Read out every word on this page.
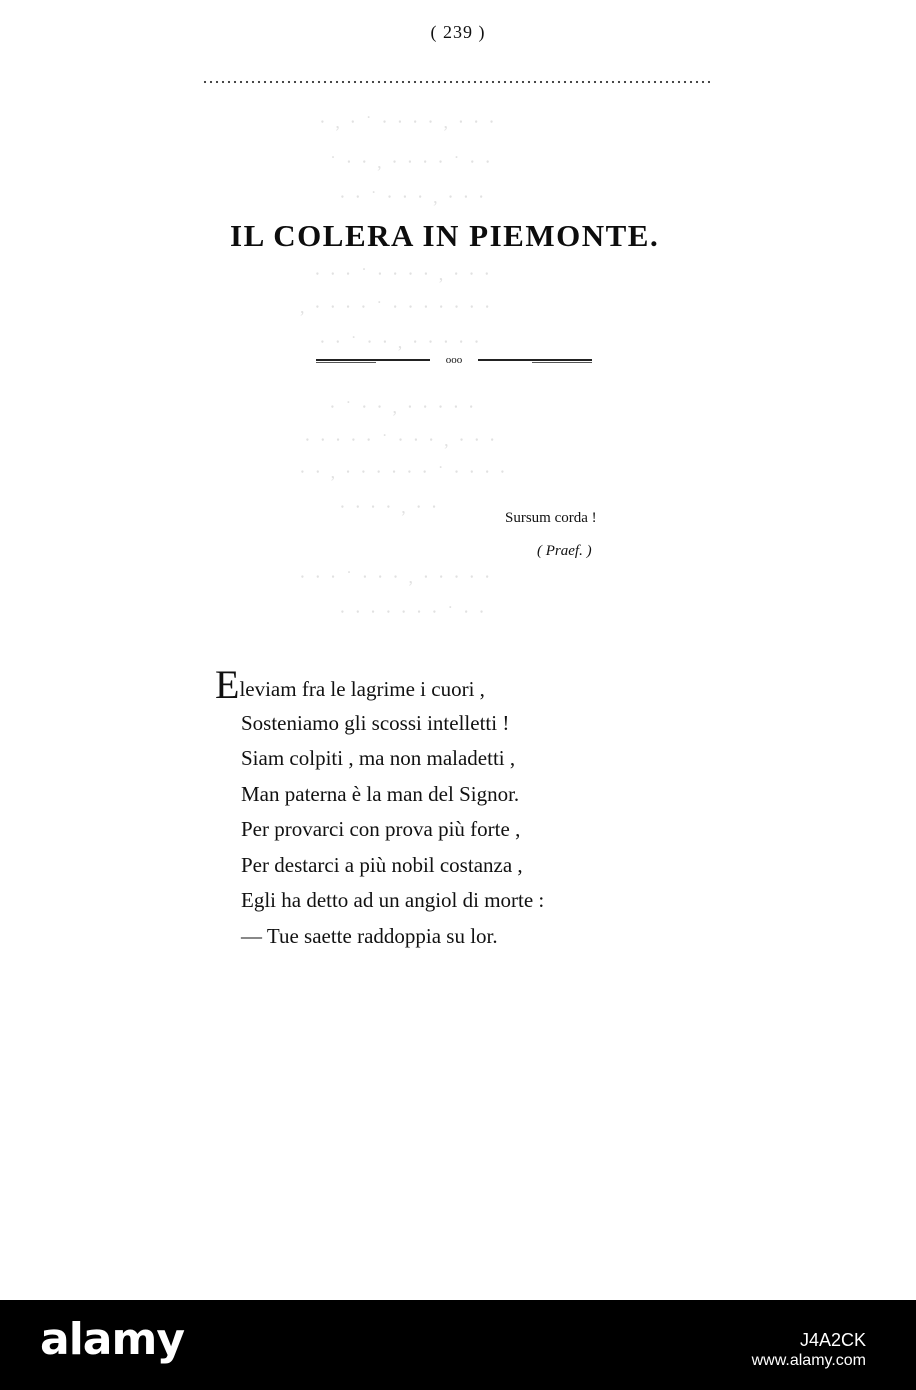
( 239 )
⸱ , ⸱ ˙ ⸱ ⸱ ⸱ ⸱ , ⸱ ⸱ ⸱
˙ ⸱ ⸱ , ⸱ ⸱ ⸱ ⸱ ˙ ⸱ ⸱
⸱ ⸱ ˙ ⸱ ⸱ ⸱ , ⸱ ⸱ ⸱
⸱ ⸱ ⸱ ˙ ⸱ ⸱ ⸱ ⸱ , ⸱ ⸱ ⸱
, ⸱ ⸱ ⸱ ⸱ ˙ ⸱ ⸱ ⸱ ⸱ ⸱ ⸱ ⸱
⸱ ⸱ ˙ ⸱ ⸱ , ⸱ ⸱ ⸱ ⸱ ⸱
⸱ ˙ ⸱ ⸱ , ⸱ ⸱ ⸱ ⸱ ⸱
⸱ ⸱ ⸱ ⸱ ⸱ ˙ ⸱ ⸱ ⸱ , ⸱ ⸱ ⸱
⸱ ⸱ , ⸱ ⸱ ⸱ ⸱ ⸱ ⸱ ˙ ⸱ ⸱ ⸱ ⸱
⸱ ⸱ ⸱ ⸱ , ⸱ ⸱
⸱ ⸱ ⸱ ˙ ⸱ ⸱ ⸱ , ⸱ ⸱ ⸱ ⸱ ⸱
⸱ ⸱ ⸱ ⸱ ⸱ ⸱ ⸱ ˙ ⸱ ⸱
IL COLERA IN PIEMONTE.
ooo
Sursum corda !
( Praef. )
Eleviam fra le lagrime i cuori ,
Sosteniamo gli scossi intelletti !
Siam colpiti , ma non maladetti ,
Man paterna è la man del Signor.
Per provarci con prova più forte ,
Per destarci a più nobil costanza ,
Egli ha detto ad un angiol di morte :
— Tue saette raddoppia su lor.
alamy	J4A2CK
www.alamy.com
